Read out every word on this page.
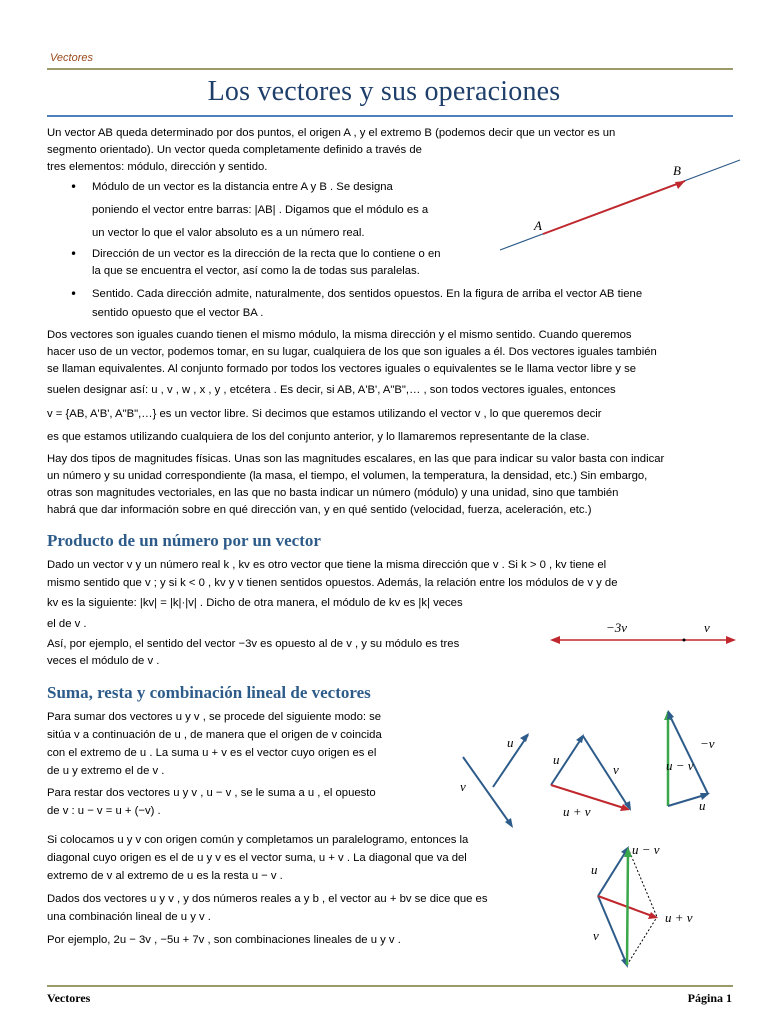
Vectores
Los vectores y sus operaciones
Un vector AB queda determinado por dos puntos, el origen A , y el extremo B (podemos decir que un vector es un
segmento orientado). Un vector queda completamente definido a través de
tres elementos: módulo, dirección y sentido.
• Módulo de un vector es la distancia entre A y B . Se designa
poniendo el vector entre barras: |AB| . Digamos que el módulo es a
un vector lo que el valor absoluto es a un número real.
• Dirección de un vector es la dirección de la recta que lo contiene o en
la que se encuentra el vector, así como la de todas sus paralelas.
• Sentido. Cada dirección admite, naturalmente, dos sentidos opuestos. En la figura de arriba el vector AB tiene
sentido opuesto que el vector BA .
A
B
Dos vectores son iguales cuando tienen el mismo módulo, la misma dirección y el mismo sentido. Cuando queremos
hacer uso de un vector, podemos tomar, en su lugar, cualquiera de los que son iguales a él. Dos vectores iguales también
se llaman equivalentes. Al conjunto formado por todos los vectores iguales o equivalentes se le llama vector libre y se
suelen designar así: u , v , w , x , y , etcétera . Es decir, si AB, A'B', A"B",… , son todos vectores iguales, entonces
v = {AB, A'B', A"B",…} es un vector libre. Si decimos que estamos utilizando el vector v , lo que queremos decir
es que estamos utilizando cualquiera de los del conjunto anterior, y lo llamaremos representante de la clase.
Hay dos tipos de magnitudes físicas. Unas son las magnitudes escalares, en las que para indicar su valor basta con indicar
un número y su unidad correspondiente (la masa, el tiempo, el volumen, la temperatura, la densidad, etc.) Sin embargo,
otras son magnitudes vectoriales, en las que no basta indicar un número (módulo) y una unidad, sino que también
habrá que dar información sobre en qué dirección van, y en qué sentido (velocidad, fuerza, aceleración, etc.)
Producto de un número por un vector
Dado un vector v y un número real k , kv es otro vector que tiene la misma dirección que v . Si k > 0 , kv tiene el
mismo sentido que v ; y si k < 0 , kv y v tienen sentidos opuestos. Además, la relación entre los módulos de v y de
kv es la siguiente: |kv| = |k|·|v| . Dicho de otra manera, el módulo de kv es |k| veces
el de v .
Así, por ejemplo, el sentido del vector −3v es opuesto al de v , y su módulo es tres
veces el módulo de v .
−3v	v
Suma, resta y combinación lineal de vectores
Para sumar dos vectores u y v , se procede del siguiente modo: se
sitúa v a continuación de u , de manera que el origen de v coincida
con el extremo de u . La suma u + v es el vector cuyo origen es el
de u y extremo el de v .
Para restar dos vectores u y v , u − v , se le suma a u , el opuesto
de v : u − v = u + (−v) .
Si colocamos u y v con origen común y completamos un paralelogramo, entonces la
diagonal cuyo origen es el de u y v es el vector suma, u + v . La diagonal que va del
extremo de v al extremo de u es la resta u − v .
Dados dos vectores u y v , y dos números reales a y b , el vector au + bv se dice que es
una combinación lineal de u y v .
Por ejemplo, 2u − 3v , −5u + 7v , son combinaciones lineales de u y v .
u
v
u
v
u + v
−v
u − v
u
u − v
u
u + v
v
Vectores	Página 1
